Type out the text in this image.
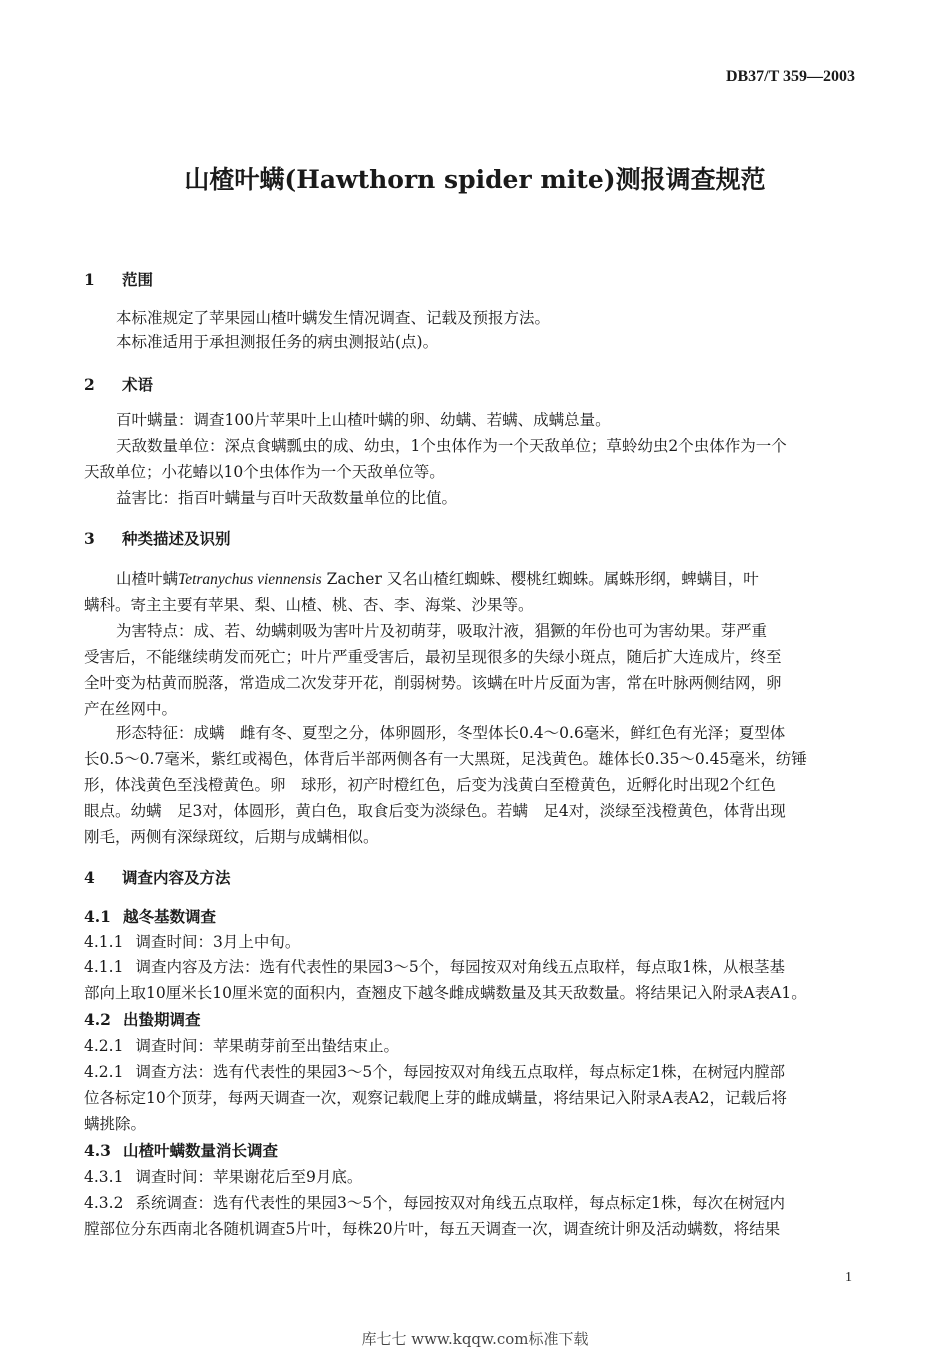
DB37/T 359—2003
山楂叶螨(Hawthorn spider mite)测报调查规范
1 范围
本标准规定了苹果园山楂叶螨发生情况调查、记载及预报方法。
本标准适用于承担测报任务的病虫测报站(点)。
2 术语
百叶螨量：调查100片苹果叶上山楂叶螨的卵、幼螨、若螨、成螨总量。
天敌数量单位：深点食螨瓢虫的成、幼虫，1个虫体作为一个天敌单位；草蛉幼虫2个虫体作为一个
天敌单位；小花蝽以10个虫体作为一个天敌单位等。
益害比：指百叶螨量与百叶天敌数量单位的比值。
3 种类描述及识别
山楂叶螨Tetranychus viennensis Zacher 又名山楂红蜘蛛、樱桃红蜘蛛。属蛛形纲，蜱螨目，叶
螨科。寄主主要有苹果、梨、山楂、桃、杏、李、海棠、沙果等。
为害特点：成、若、幼螨刺吸为害叶片及初萌芽，吸取汁液，猖獗的年份也可为害幼果。芽严重
受害后，不能继续萌发而死亡；叶片严重受害后，最初呈现很多的失绿小斑点，随后扩大连成片，终至
全叶变为枯黄而脱落，常造成二次发芽开花，削弱树势。该螨在叶片反面为害，常在叶脉两侧结网，卵
产在丝网中。
形态特征：成螨　雌有冬、夏型之分，体卵圆形，冬型体长0.4～0.6毫米，鲜红色有光泽；夏型体
长0.5～0.7毫米，紫红或褐色，体背后半部两侧各有一大黑斑，足浅黄色。雄体长0.35～0.45毫米，纺锤
形，体浅黄色至浅橙黄色。卵　球形，初产时橙红色，后变为浅黄白至橙黄色，近孵化时出现2个红色
眼点。幼螨　足3对，体圆形，黄白色，取食后变为淡绿色。若螨　足4对，淡绿至浅橙黄色，体背出现
刚毛，两侧有深绿斑纹，后期与成螨相似。
4 调查内容及方法
4.1 越冬基数调查
4.1.1 调查时间：3月上中旬。
4.1.1 调查内容及方法：选有代表性的果园3～5个，每园按双对角线五点取样，每点取1株，从根茎基
部向上取10厘米长10厘米宽的面积内，查翘皮下越冬雌成螨数量及其天敌数量。将结果记入附录A表A1。
4.2 出蛰期调查
4.2.1 调查时间：苹果萌芽前至出蛰结束止。
4.2.1 调查方法：选有代表性的果园3～5个，每园按双对角线五点取样，每点标定1株，在树冠内膛部
位各标定10个顶芽，每两天调查一次，观察记载爬上芽的雌成螨量，将结果记入附录A表A2，记载后将
螨挑除。
4.3 山楂叶螨数量消长调查
4.3.1 调查时间：苹果谢花后至9月底。
4.3.2 系统调查：选有代表性的果园3～5个，每园按双对角线五点取样，每点标定1株，每次在树冠内
膛部位分东西南北各随机调查5片叶，每株20片叶，每五天调查一次，调查统计卵及活动螨数，将结果
1
库七七 www.kqqw.com标准下载
